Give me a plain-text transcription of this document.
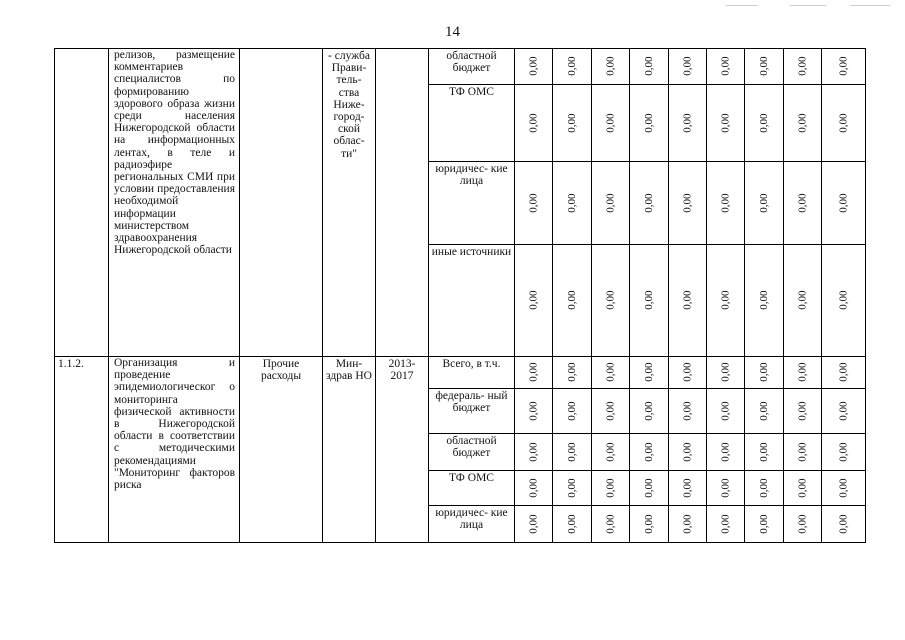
14
	релизов, размещение комментариев специалистов по формированию здорового образа жизни среди населения Нижегородской области на информационных лентах, в теле и радиоэфире региональных СМИ при условии предоставления необходимой информации министерством здравоохранения Нижегородской области		- служба Прави- тель- ства Ниже- город- ской облас- ти"		областной бюджет	0,00	0,00	0,00	0,00	0,00	0,00	0,00	0,00	0,00

					ТФ ОМС	0,00	0,00	0,00	0,00	0,00	0,00	0,00	0,00	0,00

					юридичес- кие лица	0,00	0,00	0,00	0,00	0,00	0,00	0,00	0,00	0,00

					иные источники	0,00	0,00	0,00	0,00	0,00	0,00	0,00	0,00	0,00

1.1.2.	Организация и проведение эпидемиологическог о мониторинга физической активности в Нижегородской области в соответствии с методическими рекомендациями "Мониторинг факторов риска	Прочие расходы	Мин- здрав НО	2013- 2017	Всего, в т.ч.	0,00	0,00	0,00	0,00	0,00	0,00	0,00	0,00	0,00

					федераль- ный бюджет	0,00	0,00	0,00	0,00	0,00	0,00	0,00	0,00	0,00

					областной бюджет	0,00	0,00	0,00	0,00	0,00	0,00	0,00	0,00	0,00

					ТФ ОМС	0,00	0,00	0,00	0,00	0,00	0,00	0,00	0,00	0,00

					юридичес- кие лица	0,00	0,00	0,00	0,00	0,00	0,00	0,00	0,00	0,00
